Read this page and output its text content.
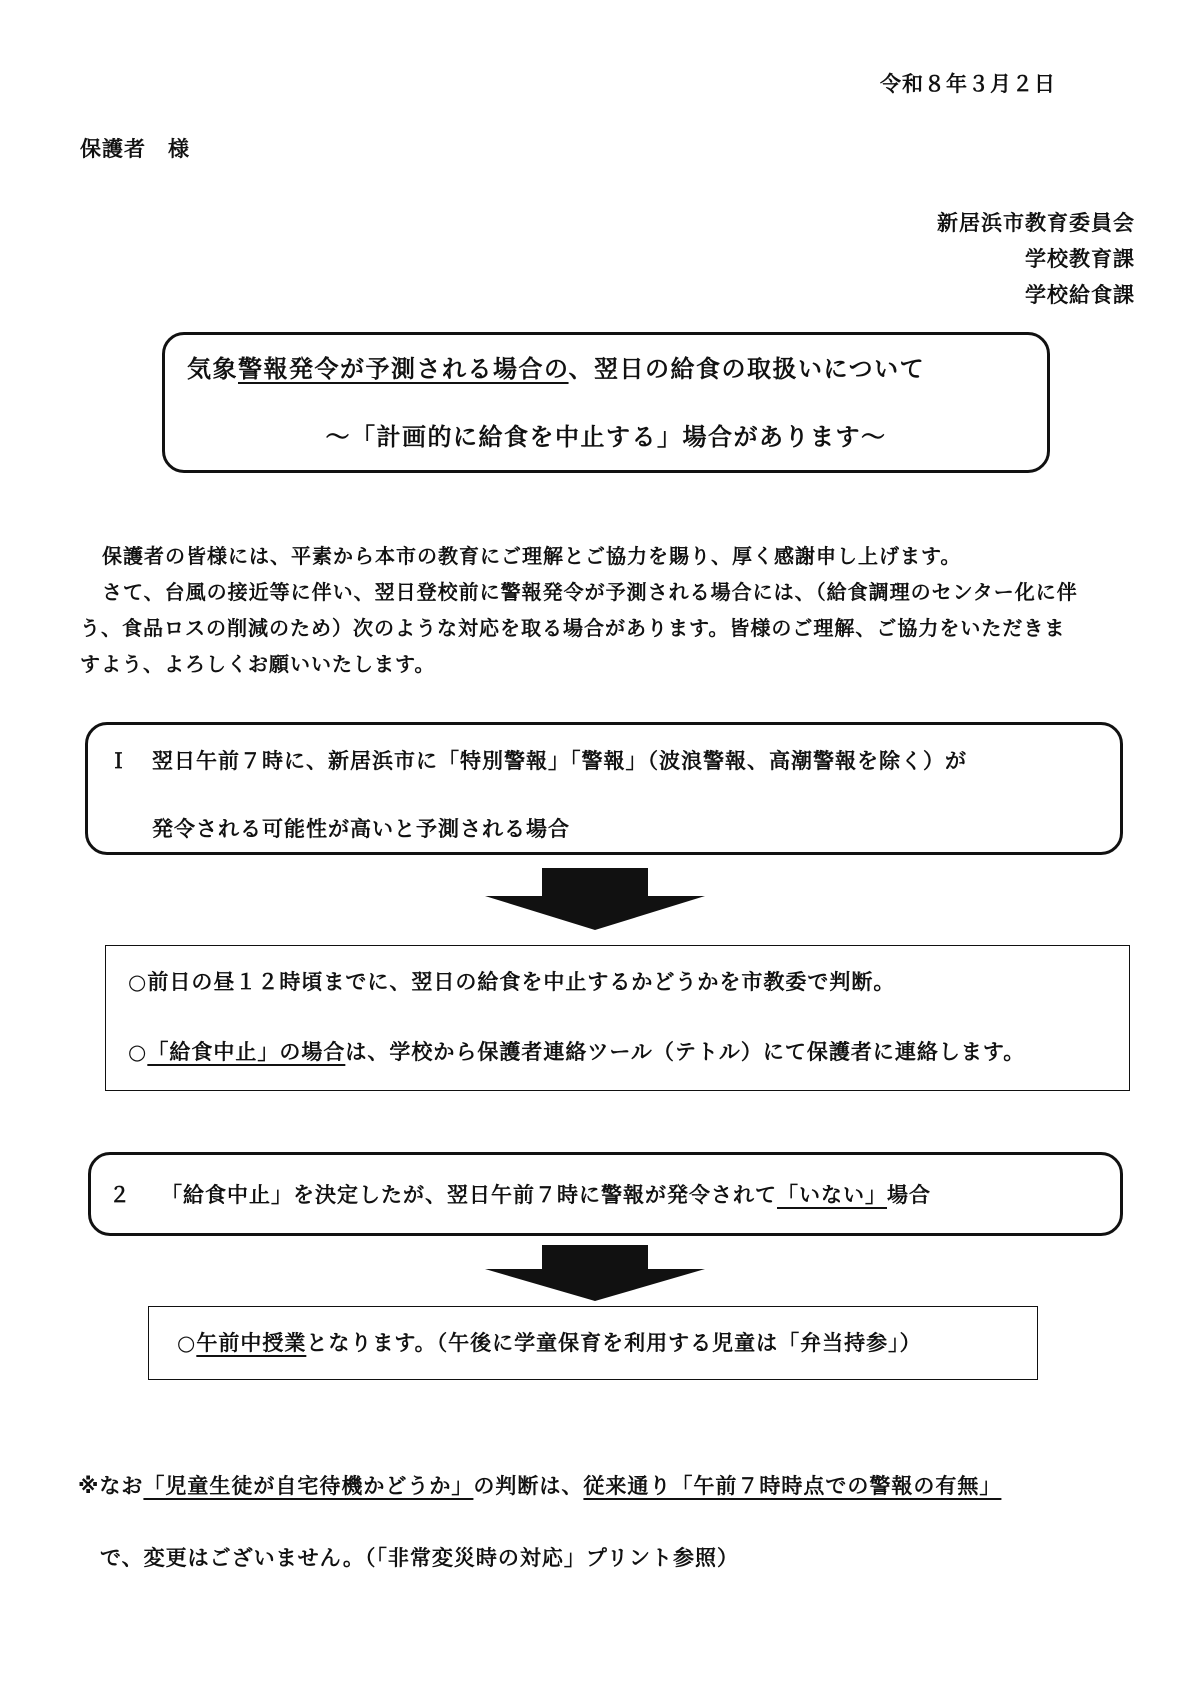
令和８年３月２日
保護者　様
新居浜市教育委員会
学校教育課
学校給食課
気象警報発令が予測される場合の、翌日の給食の取扱いについて
～「計画的に給食を中止する」場合があります～
保護者の皆様には、平素から本市の教育にご理解とご協力を賜り、厚く感謝申し上げます。
さて、台風の接近等に伴い、翌日登校前に警報発令が予測される場合には、（給食調理のセンター化に伴
う、食品ロスの削減のため）次のような対応を取る場合があります。皆様のご理解、ご協力をいただきま
すよう、よろしくお願いいたします。
Ｉ 翌日午前７時に、新居浜市に「特別警報」「警報」（波浪警報、高潮警報を除く）が
発令される可能性が高いと予測される場合
○前日の昼１２時頃までに、翌日の給食を中止するかどうかを市教委で判断。
○「給食中止」の場合は、学校から保護者連絡ツール（テトル）にて保護者に連絡します。
２ 「給食中止」を決定したが、翌日午前７時に警報が発令されて「いない」場合
○午前中授業となります。（午後に学童保育を利用する児童は「弁当持参」）
※なお「児童生徒が自宅待機かどうか」の判断は、従来通り「午前７時時点での警報の有無」
で、変更はございません。（「非常変災時の対応」プリント参照）
